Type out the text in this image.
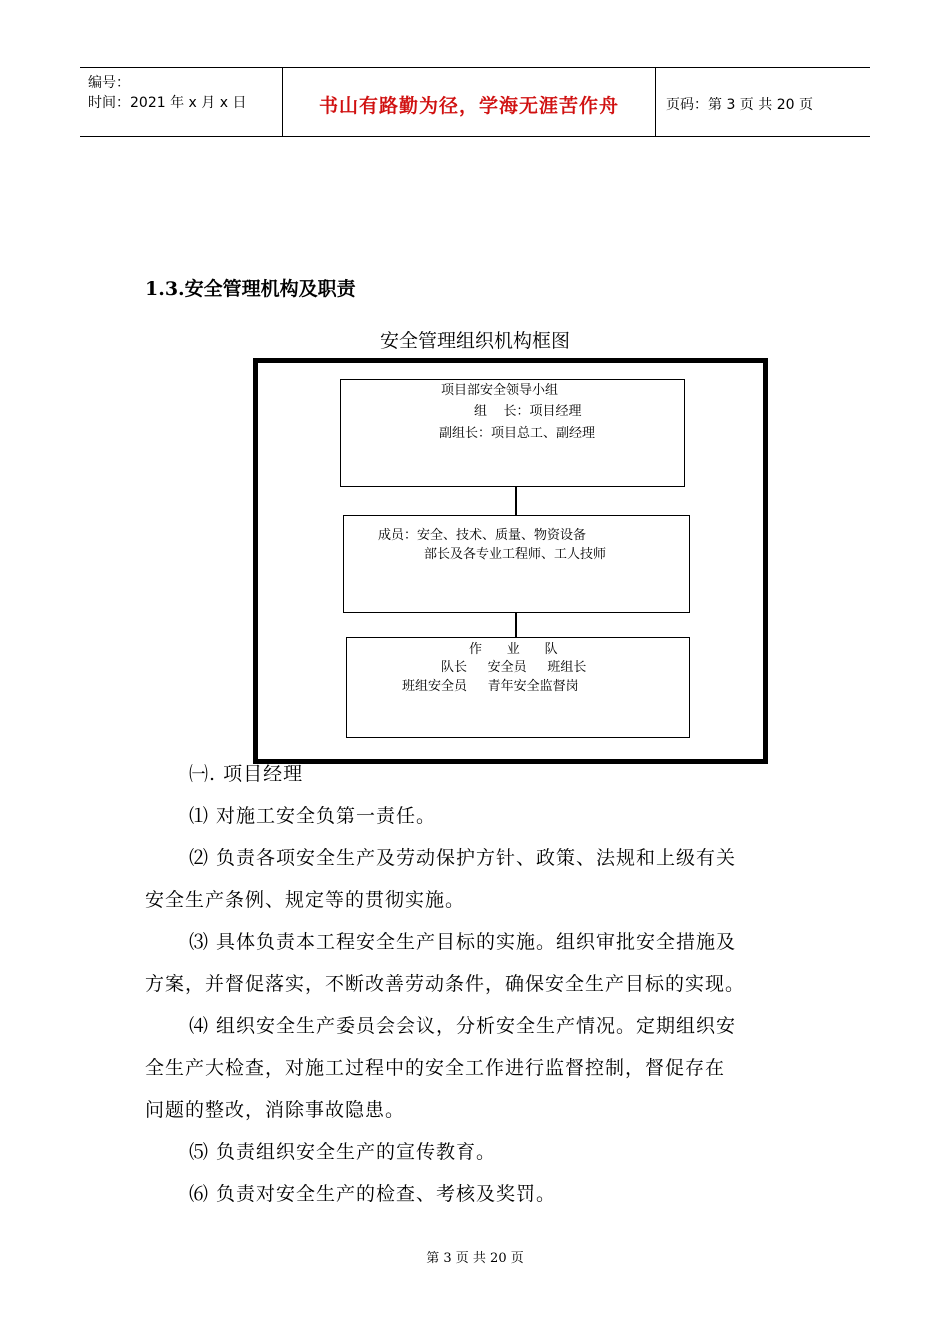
编号：
时间：2021 年 x 月 x 日	书山有路勤为径，学海无涯苦作舟	页码：第 3 页 共 20 页
1.3.安全管理机构及职责
安全管理组织机构框图
项目部安全领导小组
组    长：项目经理
副组长：项目总工、副经理
成员：安全、技术、质量、物资设备
部长及各专业工程师、工人技师
作      业      队
队长     安全员     班组长
班组安全员     青年安全监督岗
㈠. 项目经理
⑴ 对施工安全负第一责任。
⑵ 负责各项安全生产及劳动保护方针、政策、法规和上级有关
安全生产条例、规定等的贯彻实施。
⑶ 具体负责本工程安全生产目标的实施。组织审批安全措施及
方案，并督促落实，不断改善劳动条件，确保安全生产目标的实现。
⑷ 组织安全生产委员会会议，分析安全生产情况。定期组织安
全生产大检查，对施工过程中的安全工作进行监督控制，督促存在
问题的整改，消除事故隐患。
⑸ 负责组织安全生产的宣传教育。
⑹ 负责对安全生产的检查、考核及奖罚。
第 3 页 共 20 页
